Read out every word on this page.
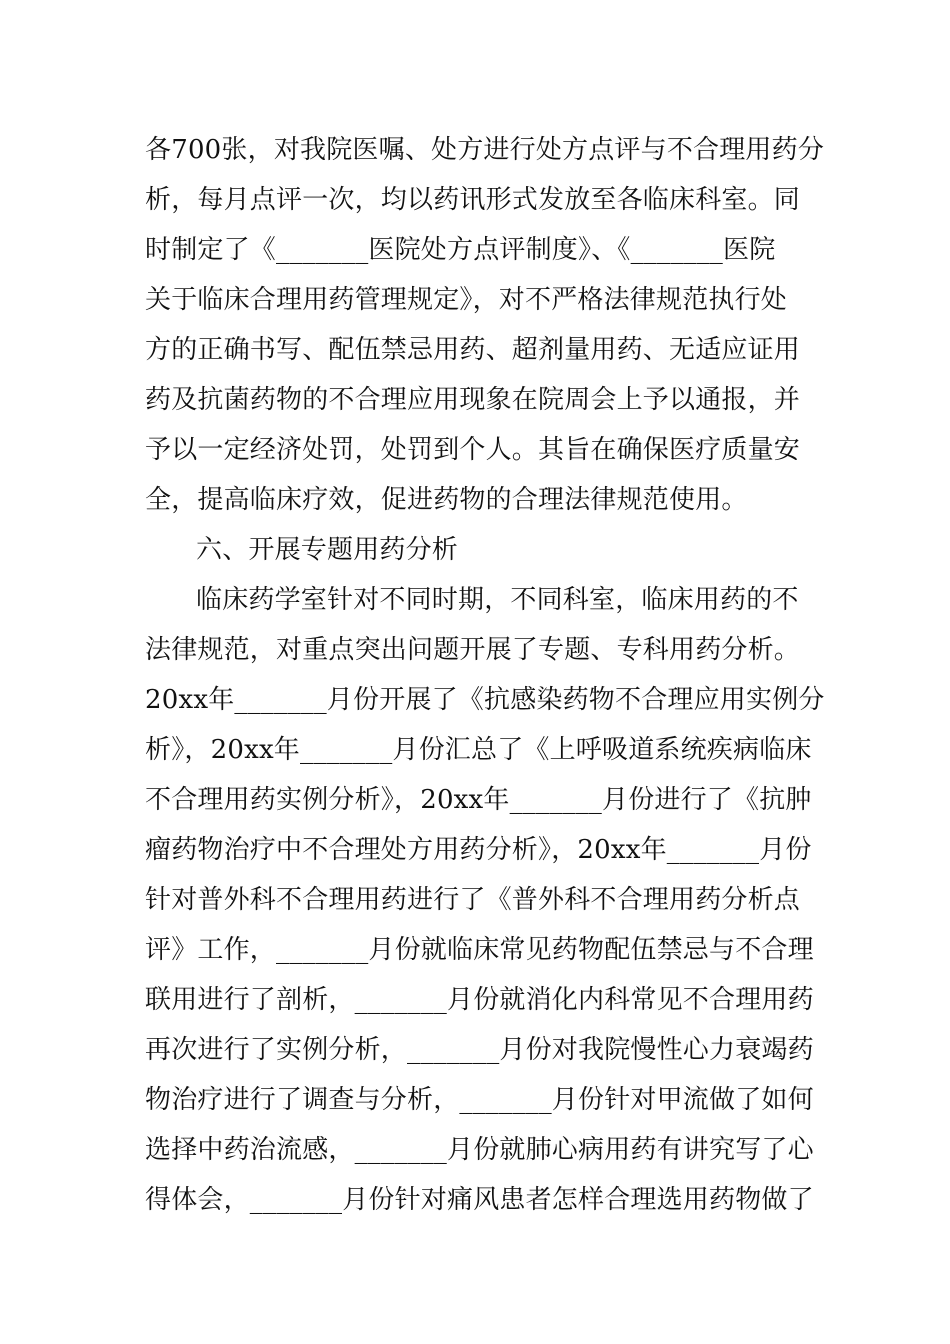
各700张，对我院医嘱、处方进行处方点评与不合理用药分
析，每月点评一次，均以药讯形式发放至各临床科室。同
时制定了《_______医院处方点评制度》、《_______医院
关于临床合理用药管理规定》，对不严格法律规范执行处
方的正确书写、配伍禁忌用药、超剂量用药、无适应证用
药及抗菌药物的不合理应用现象在院周会上予以通报，并
予以一定经济处罚，处罚到个人。其旨在确保医疗质量安
全，提高临床疗效，促进药物的合理法律规范使用。
六、开展专题用药分析
临床药学室针对不同时期，不同科室，临床用药的不
法律规范，对重点突出问题开展了专题、专科用药分析。
20xx年_______月份开展了《抗感染药物不合理应用实例分
析》，20xx年_______月份汇总了《上呼吸道系统疾病临床
不合理用药实例分析》，20xx年_______月份进行了《抗肿
瘤药物治疗中不合理处方用药分析》，20xx年_______月份
针对普外科不合理用药进行了《普外科不合理用药分析点
评》工作，_______月份就临床常见药物配伍禁忌与不合理
联用进行了剖析，_______月份就消化内科常见不合理用药
再次进行了实例分析，_______月份对我院慢性心力衰竭药
物治疗进行了调查与分析，_______月份针对甲流做了如何
选择中药治流感，_______月份就肺心病用药有讲究写了心
得体会，_______月份针对痛风患者怎样合理选用药物做了
